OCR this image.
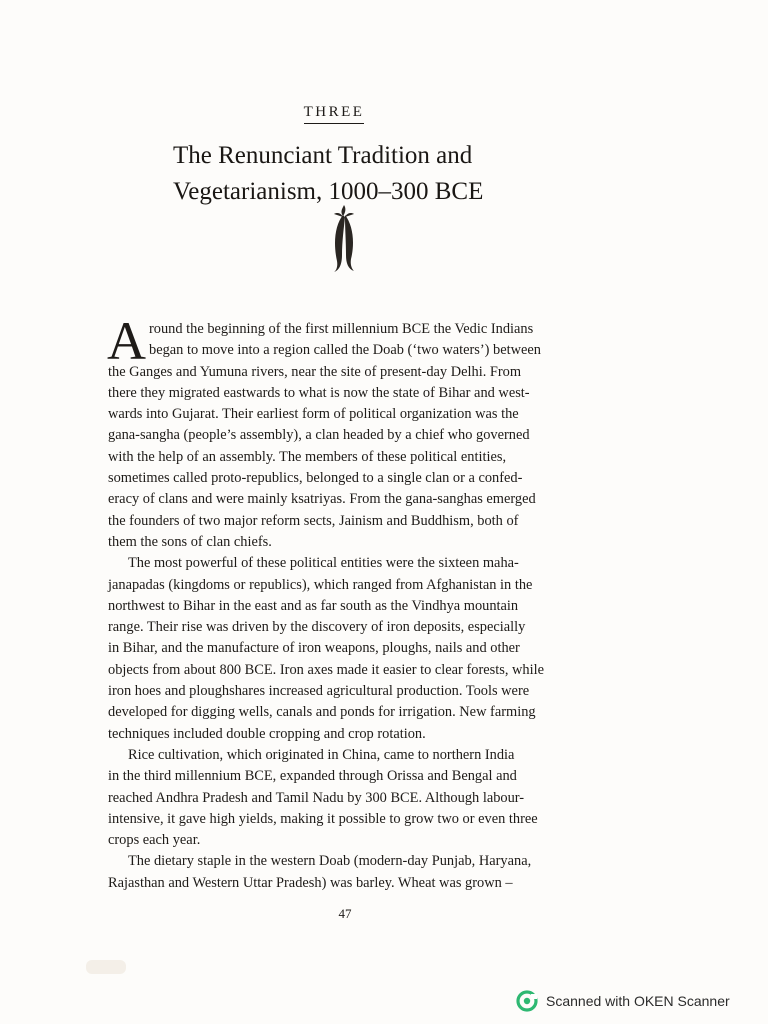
THREE
The Renunciant Tradition and
Vegetarianism, 1000–300 BCE
A round the beginning of the first millennium BCE the Vedic Indians
began to move into a region called the Doab (‘two waters’) between
the Ganges and Yumuna rivers, near the site of present-day Delhi. From
there they migrated eastwards to what is now the state of Bihar and west-
wards into Gujarat. Their earliest form of political organization was the
gana-sangha (people’s assembly), a clan headed by a chief who governed
with the help of an assembly. The members of these political entities,
sometimes called proto-republics, belonged to a single clan or a confed-
eracy of clans and were mainly ksatriyas. From the gana-sanghas emerged
the founders of two major reform sects, Jainism and Buddhism, both of
them the sons of clan chiefs.
The most powerful of these political entities were the sixteen maha-
janapadas (kingdoms or republics), which ranged from Afghanistan in the
northwest to Bihar in the east and as far south as the Vindhya mountain
range. Their rise was driven by the discovery of iron deposits, especially
in Bihar, and the manufacture of iron weapons, ploughs, nails and other
objects from about 800 BCE. Iron axes made it easier to clear forests, while
iron hoes and ploughshares increased agricultural production. Tools were
developed for digging wells, canals and ponds for irrigation. New farming
techniques included double cropping and crop rotation.
Rice cultivation, which originated in China, came to northern India
in the third millennium BCE, expanded through Orissa and Bengal and
reached Andhra Pradesh and Tamil Nadu by 300 BCE. Although labour-
intensive, it gave high yields, making it possible to grow two or even three
crops each year.
The dietary staple in the western Doab (modern-day Punjab, Haryana,
Rajasthan and Western Uttar Pradesh) was barley. Wheat was grown –
47
Scanned with OKEN Scanner
